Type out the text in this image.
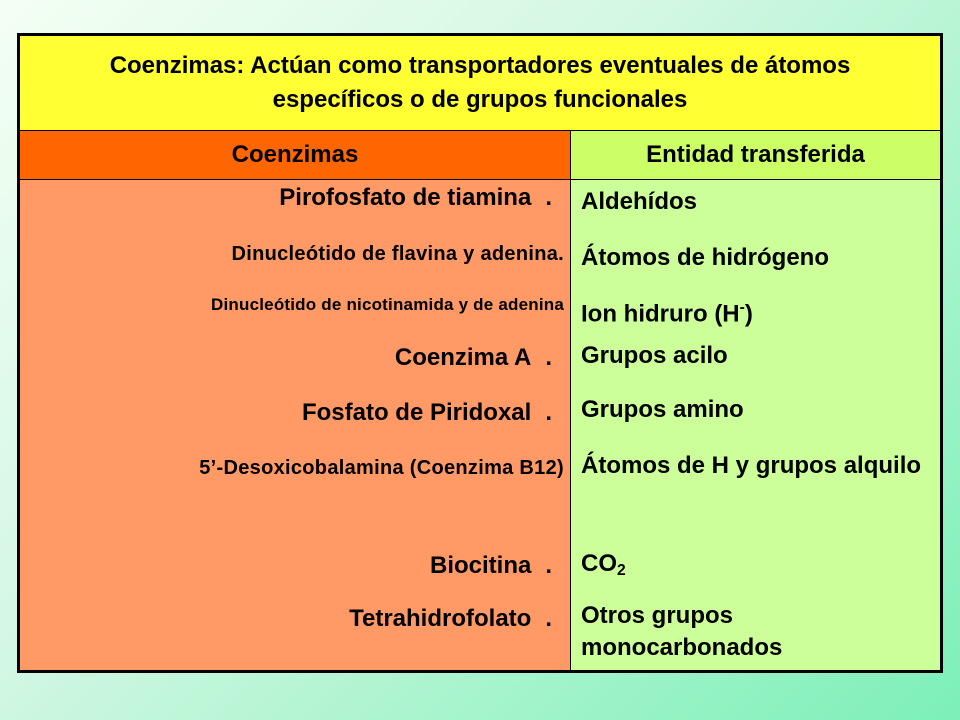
Coenzimas: Actúan como transportadores eventuales de átomos específicos o de grupos funcionales
Coenzimas	Entidad transferida
Pirofosfato de tiamina .
Dinucleótido de flavina y adenina.
Dinucleótido de nicotinamida y de adenina
Coenzima A .
Fosfato de Piridoxal .
5’-Desoxicobalamina (Coenzima B12)
Biocitina .
Tetrahidrofolato .
Aldehídos
Átomos de hidrógeno
Ion hidruro (H-)
Grupos acilo
Grupos amino
Átomos de H y grupos alquilo
$CO_2$
Otros grupos monocarbonados
